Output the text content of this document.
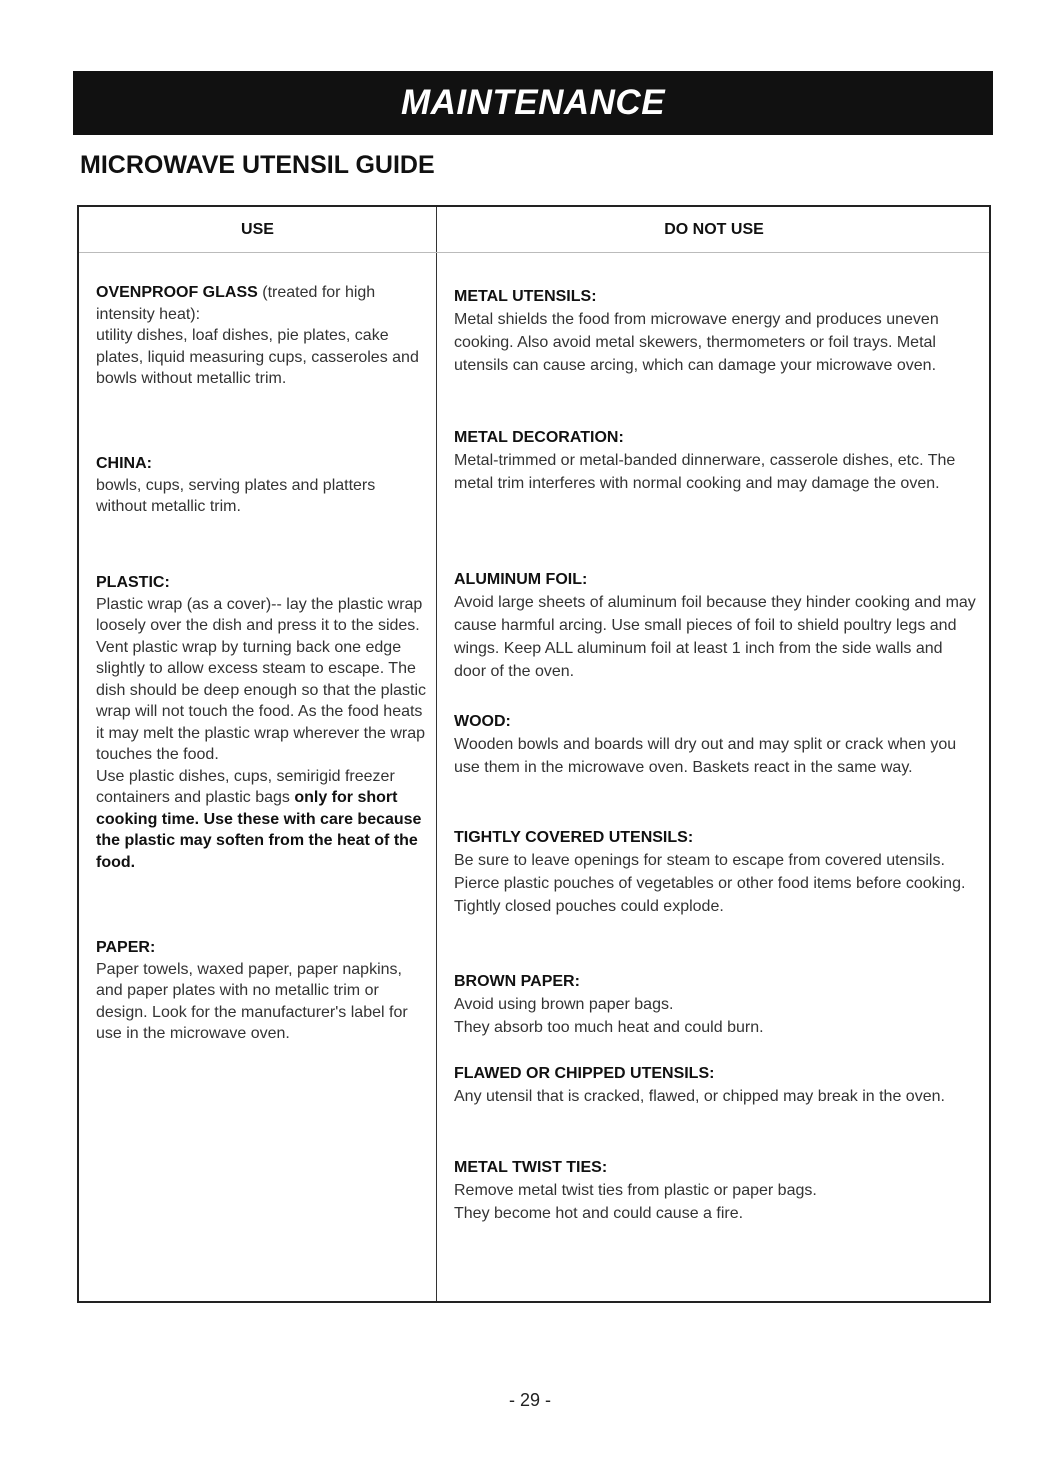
MAINTENANCE
MICROWAVE UTENSIL GUIDE
USE	DO NOT USE

OVENPROOF GLASS (treated for high intensity heat):

utility dishes, loaf dishes, pie plates, cake plates, liquid measuring cups, casseroles and bowls without metallic trim.

CHINA:

bowls, cups, serving plates and platters without metallic trim.

PLASTIC:

Plastic wrap (as a cover)-- lay the plastic wrap loosely over the dish and press it to the sides.

Vent plastic wrap by turning back one edge slightly to allow excess steam to escape. The dish should be deep enough so that the plastic wrap will not touch the food. As the food heats it may melt the plastic wrap wherever the wrap touches the food.

Use plastic dishes, cups, semirigid freezer containers and plastic bags only for short cooking time. Use these with care because the plastic may soften from the heat of the food.

PAPER:

Paper towels, waxed paper, paper napkins, and paper plates with no metallic trim or design. Look for the manufacturer's label for use in the microwave oven.

METAL UTENSILS:

Metal shields the food from microwave energy and produces uneven cooking. Also avoid metal skewers, thermometers or foil trays. Metal utensils can cause arcing, which can damage your microwave oven.

METAL DECORATION:

Metal-trimmed or metal-banded dinnerware, casserole dishes, etc. The metal trim interferes with normal cooking and may damage the oven.

ALUMINUM FOIL:

Avoid large sheets of aluminum foil because they hinder cooking and may cause harmful arcing. Use small pieces of foil to shield poultry legs and wings. Keep ALL aluminum foil at least 1 inch from the side walls and door of the oven.

WOOD:

Wooden bowls and boards will dry out and may split or crack when you use them in the microwave oven. Baskets react in the same way.

TIGHTLY COVERED UTENSILS:

Be sure to leave openings for steam to escape from covered utensils. Pierce plastic pouches of vegetables or other food items before cooking. Tightly closed pouches could explode.

BROWN PAPER:

Avoid using brown paper bags.

They absorb too much heat and could burn.

FLAWED OR CHIPPED UTENSILS:

Any utensil that is cracked, flawed, or chipped may break in the oven.

METAL TWIST TIES:

Remove metal twist ties from plastic or paper bags.

They become hot and could cause a fire.

- 29 -
